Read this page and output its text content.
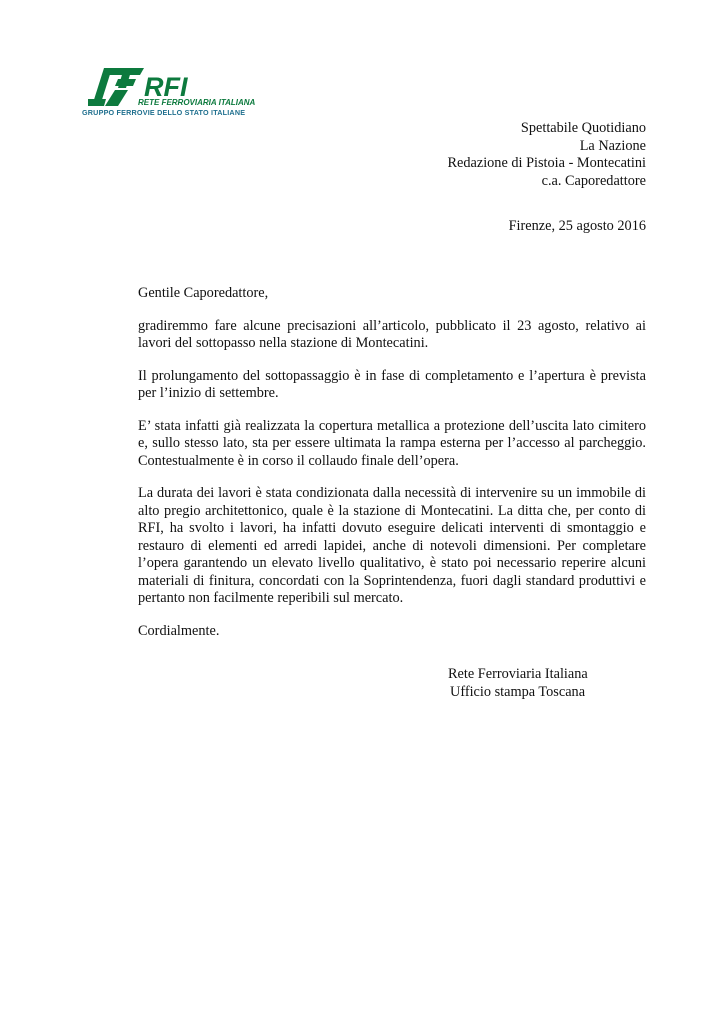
RFI
RETE FERROVIARIA ITALIANA
GRUPPO FERROVIE DELLO STATO ITALIANE
Spettabile Quotidiano
La Nazione
Redazione di Pistoia - Montecatini
c.a. Caporedattore
Firenze, 25 agosto 2016

Gentile Caporedattore,

gradiremmo fare alcune precisazioni all’articolo, pubblicato il 23 agosto, relativo ai lavori del sottopasso nella stazione di Montecatini.

Il prolungamento del sottopassaggio è in fase di completamento e l’apertura è prevista per l’inizio di settembre.

E’ stata infatti già realizzata la copertura metallica a protezione dell’uscita lato cimitero e, sullo stesso lato, sta per essere ultimata la rampa esterna per l’accesso al parcheggio. Contestualmente è in corso il collaudo finale dell’opera.

La durata dei lavori è stata condizionata dalla necessità di intervenire su un immobile di alto pregio architettonico, quale è la stazione di Montecatini. La ditta che, per conto di RFI, ha svolto i lavori, ha infatti dovuto eseguire delicati interventi di smontaggio e restauro di elementi ed arredi lapidei, anche di notevoli dimensioni. Per completare l’opera garantendo un elevato livello qualitativo, è stato poi necessario reperire alcuni materiali di finitura, concordati con la Soprintendenza, fuori dagli standard produttivi e pertanto non facilmente reperibili sul mercato.

Cordialmente.

Rete Ferroviaria Italiana
Ufficio stampa Toscana
